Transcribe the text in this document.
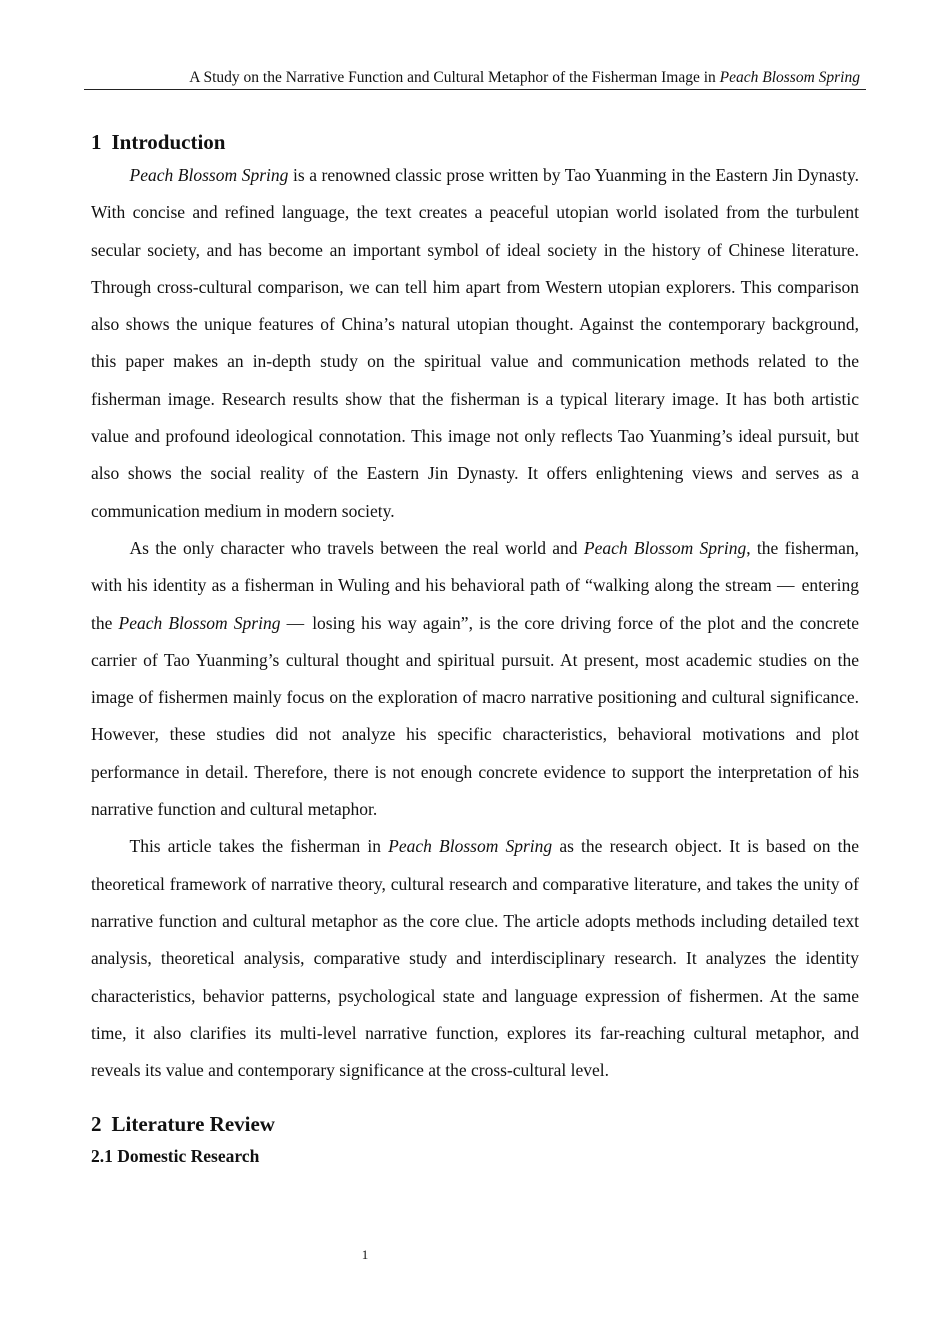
A Study on the Narrative Function and Cultural Metaphor of the Fisherman Image in Peach Blossom Spring
1 Introduction

Peach Blossom Spring is a renowned classic prose written by Tao Yuanming in the Eastern Jin Dynasty. With concise and refined language, the text creates a peaceful utopian world isolated from the turbulent secular society, and has become an important symbol of ideal society in the history of Chinese literature. Through cross-cultural comparison, we can tell him apart from Western utopian explorers. This comparison also shows the unique features of China’s natural utopian thought. Against the contemporary background, this paper makes an in-depth study on the spiritual value and communication methods related to the fisherman image. Research results show that the fisherman is a typical literary image. It has both artistic value and profound ideological connotation. This image not only reflects Tao Yuanming’s ideal pursuit, but also shows the social reality of the Eastern Jin Dynasty. It offers enlightening views and serves as a communication medium in modern society.

As the only character who travels between the real world and Peach Blossom Spring, the fisherman, with his identity as a fisherman in Wuling and his behavioral path of “walking along the stream — entering the Peach Blossom Spring — losing his way again”, is the core driving force of the plot and the concrete carrier of Tao Yuanming’s cultural thought and spiritual pursuit. At present, most academic studies on the image of fishermen mainly focus on the exploration of macro narrative positioning and cultural significance. However, these studies did not analyze his specific characteristics, behavioral motivations and plot performance in detail. Therefore, there is not enough concrete evidence to support the interpretation of his narrative function and cultural metaphor.

This article takes the fisherman in Peach Blossom Spring as the research object. It is based on the theoretical framework of narrative theory, cultural research and comparative literature, and takes the unity of narrative function and cultural metaphor as the core clue. The article adopts methods including detailed text analysis, theoretical analysis, comparative study and interdisciplinary research. It analyzes the identity characteristics, behavior patterns, psychological state and language expression of fishermen. At the same time, it also clarifies its multi-level narrative function, explores its far-reaching cultural metaphor, and reveals its value and contemporary significance at the cross-cultural level.

2 Literature Review
2.1 Domestic Research
1
